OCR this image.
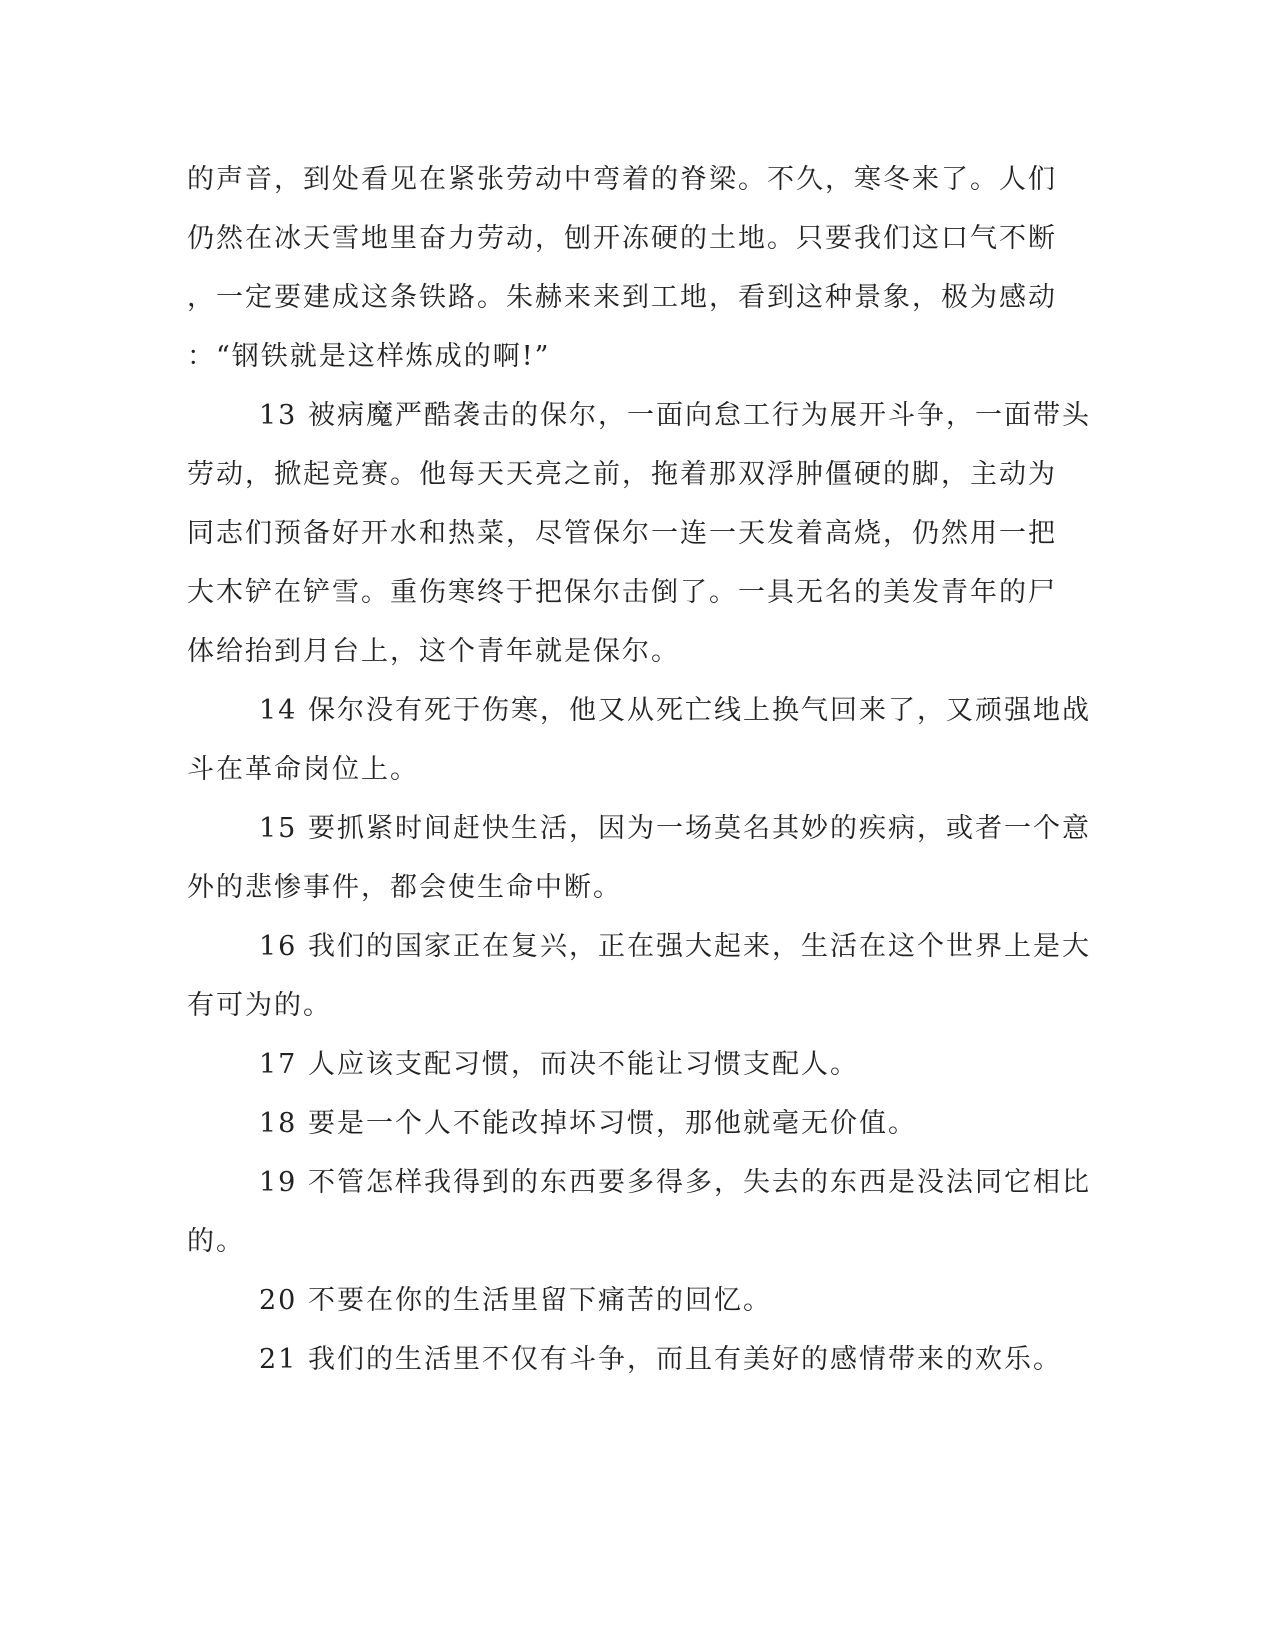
的声音，到处看见在紧张劳动中弯着的脊梁。不久，寒冬来了。人们
仍然在冰天雪地里奋力劳动，刨开冻硬的土地。只要我们这口气不断
，一定要建成这条铁路。朱赫来来到工地，看到这种景象，极为感动
：“钢铁就是这样炼成的啊!”
13 被病魔严酷袭击的保尔，一面向怠工行为展开斗争，一面带头
劳动，掀起竞赛。他每天天亮之前，拖着那双浮肿僵硬的脚，主动为
同志们预备好开水和热菜，尽管保尔一连一天发着高烧，仍然用一把
大木铲在铲雪。重伤寒终于把保尔击倒了。一具无名的美发青年的尸
体给抬到月台上，这个青年就是保尔。
14 保尔没有死于伤寒，他又从死亡线上换气回来了，又顽强地战
斗在革命岗位上。
15 要抓紧时间赶快生活，因为一场莫名其妙的疾病，或者一个意
外的悲惨事件，都会使生命中断。
16 我们的国家正在复兴，正在强大起来，生活在这个世界上是大
有可为的。
17 人应该支配习惯，而决不能让习惯支配人。
18 要是一个人不能改掉坏习惯，那他就毫无价值。
19 不管怎样我得到的东西要多得多，失去的东西是没法同它相比
的。
20 不要在你的生活里留下痛苦的回忆。
21 我们的生活里不仅有斗争，而且有美好的感情带来的欢乐。
